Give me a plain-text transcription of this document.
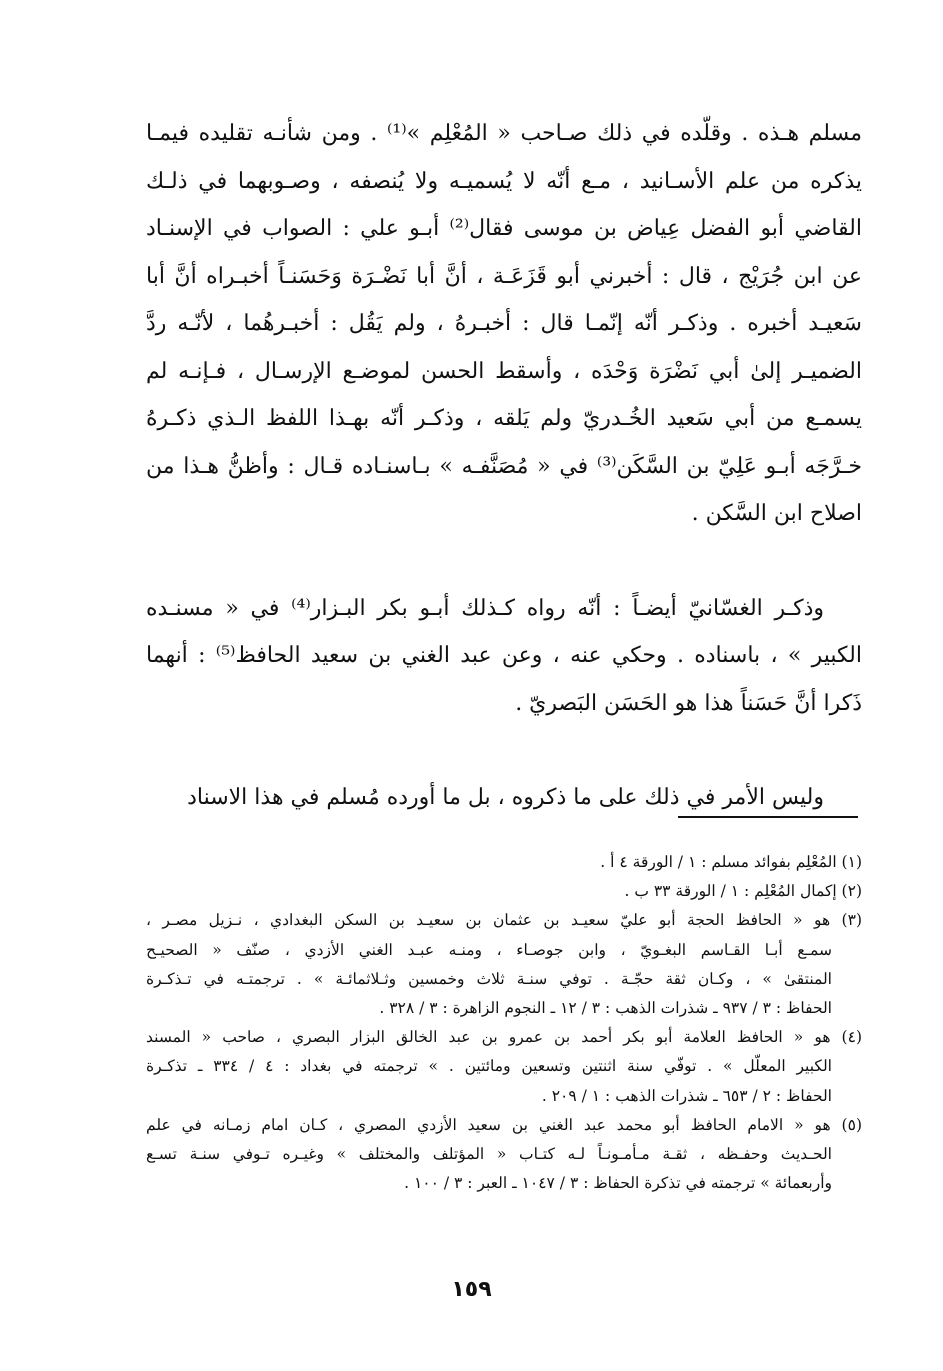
مسلم هـذه . وقلّده في ذلك صـاحب « المُعْلِم »⁽¹⁾ . ومن شأنـه تقليده فيمـا
يذكره من علم الأسـانيد ، مـع أنّه لا يُسميـه ولا يُنصفه ، وصـوبهما في ذلـك
القاضي أبو الفضل عِياض بن موسى فقال⁽²⁾ أبـو علي : الصواب في الإسنـاد
عن ابن جُرَيْج ، قال : أخبرني أبو قَزَعَـة ، أنَّ أبا نَضْـرَة وَحَسَنـاً أخبـراه أنَّ أبا
سَعيـد أخبره . وذكـر أنّه إنّمـا قال : أخبـرهُ ، ولم يَقُل : أخبـرهُما ، لأنّـه ردَّ
الضميـر إلىٰ أبي نَضْرَة وَحْدَه ، وأسقط الحسن لموضـع الإرسـال ، فـإنـه لم
يسمـع من أبي سَعيد الخُـدريّ ولم يَلقه ، وذكـر أنّه بهـذا اللفظ الـذي ذكـرهُ
خـرَّجَه أبـو عَلِيّ بن السَّكَن⁽³⁾ في « مُصَنَّفـه » بـاسنـاده قـال : وأظنُّ هـذا من
اصلاح ابن السَّكن .
وذكـر الغسّانيّ أيضـاً : أنّه رواه كـذلك أبـو بكر البـزار⁽⁴⁾ في « مسنـده
الكبير » ، باسناده . وحكي عنه ، وعن عبد الغني بن سعيد الحافظ⁽⁵⁾ : أنهما
ذَكرا أنَّ حَسَناً هذا هو الحَسَن البَصريّ .
وليس الأمر في ذلك على ما ذكروه ، بل ما أورده مُسلم في هذا الاسناد
(١) المُعْلِم بفوائد مسلم : ١ / الورقة ٤ أ .
(٢) إكمال المُعْلِم : ١ / الورقة ٣٣ ب .
(٣) هو « الحافظ الحجة أبو عليّ سعيـد بن عثمان بن سعيـد بن السكن البغدادي ، نـزيل مصـر ،
سمـع أبـا القـاسم البغـويّ ، وابن جوصـاء ، ومنـه عبـد الغني الأزدي ، صنّف « الصحيـح
المنتقىٰ » ، وكـان ثقة حجّـة . توفي سنـة ثلاث وخمسين وثـلاثمائـة » . ترجمتـه في تـذكـرة
الحفاظ : ٣ / ٩٣٧ ـ شذرات الذهب : ٣ / ١٢ ـ النجوم الزاهرة : ٣ / ٣٢٨ .
(٤) هو « الحافظ العلامة أبو بكر أحمد بن عمرو بن عبد الخالق البزار البصري ، صاحب « المسند
الكبير المعلّل » . توفّي سنة اثنتين وتسعين ومائتين . » ترجمته في بغداد : ٤ / ٣٣٤ ـ تذكـرة
الحفاظ : ٢ / ٦٥٣ ـ شذرات الذهب : ١ / ٢٠٩ .
(٥) هو « الامام الحافظ أبو محمد عبد الغني بن سعيد الأزدي المصري ، كـان امام زمـانه في علم
الحـديث وحفـظه ، ثقـة مـأمـونـاً لـه كتـاب « المؤتلف والمختلف » وغيـره تـوفي سنـة تسـع
وأربعمائة » ترجمته في تذكرة الحفاظ : ٣ / ١٠٤٧ ـ العبر : ٣ / ١٠٠ .
١٥٩
